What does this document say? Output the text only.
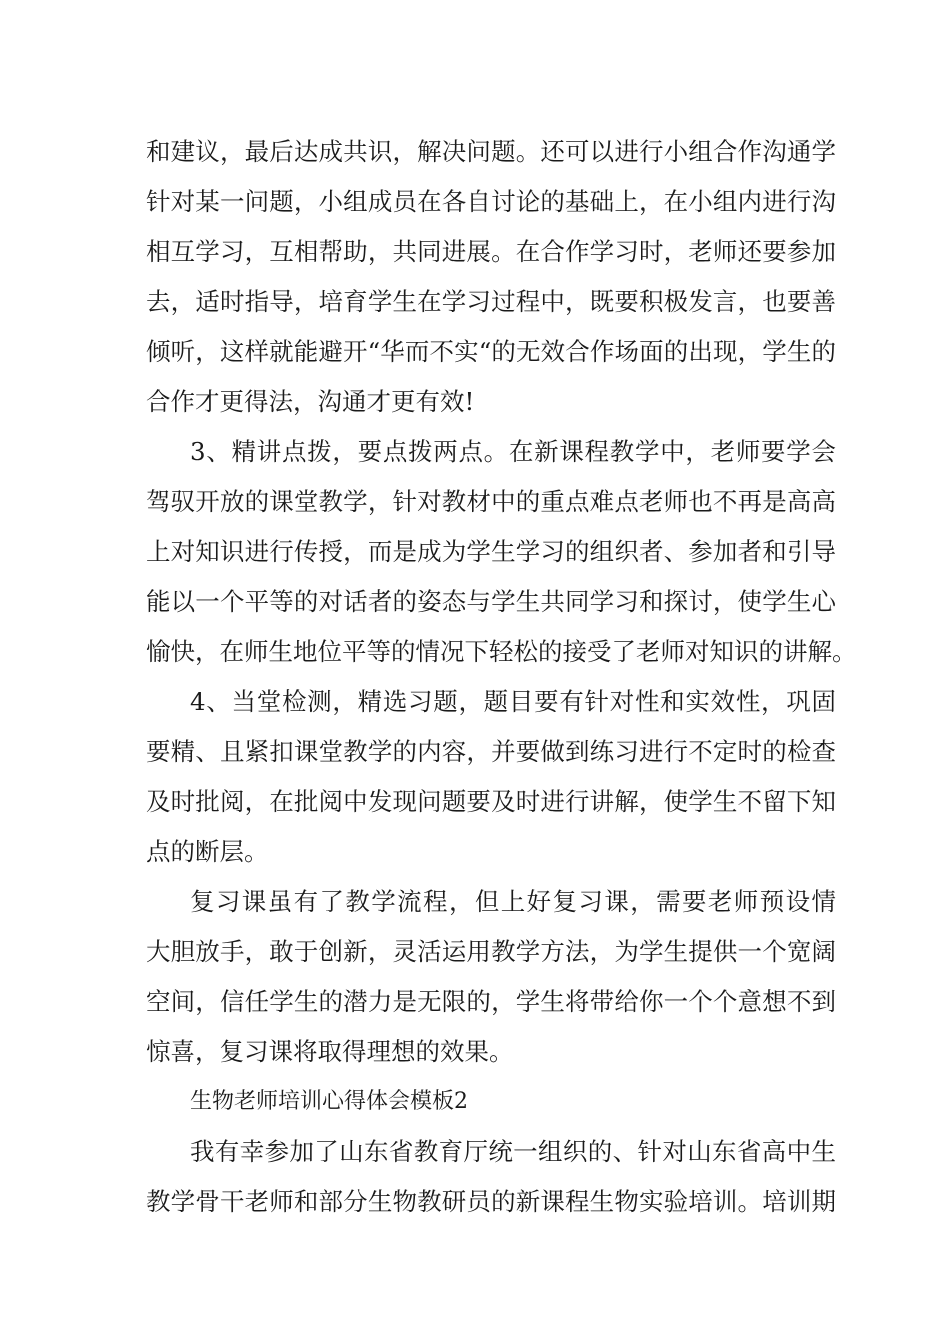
和建议，最后达成共识，解决问题。还可以进行小组合作沟通学
针对某一问题，小组成员在各自讨论的基础上，在小组内进行沟
相互学习，互相帮助，共同进展。在合作学习时，老师还要参加
去，适时指导，培育学生在学习过程中，既要积极发言，也要善
倾听，这样就能避开“华而不实“的无效合作场面的出现，学生的
合作才更得法，沟通才更有效!
3、精讲点拨，要点拨两点。在新课程教学中，老师要学会
驾驭开放的课堂教学，针对教材中的重点难点老师也不再是高高
上对知识进行传授，而是成为学生学习的组织者、参加者和引导
能以一个平等的对话者的姿态与学生共同学习和探讨，使学生心
愉快，在师生地位平等的情况下轻松的接受了老师对知识的讲解。
4、当堂检测，精选习题，题目要有针对性和实效性，巩固
要精、且紧扣课堂教学的内容，并要做到练习进行不定时的检查
及时批阅，在批阅中发现问题要及时进行讲解，使学生不留下知
点的断层。
复习课虽有了教学流程，但上好复习课，需要老师预设情
大胆放手，敢于创新，灵活运用教学方法，为学生提供一个宽阔
空间，信任学生的潜力是无限的，学生将带给你一个个意想不到
惊喜，复习课将取得理想的效果。
生物老师培训心得体会模板2
我有幸参加了山东省教育厅统一组织的、针对山东省高中生
教学骨干老师和部分生物教研员的新课程生物实验培训。培训期
